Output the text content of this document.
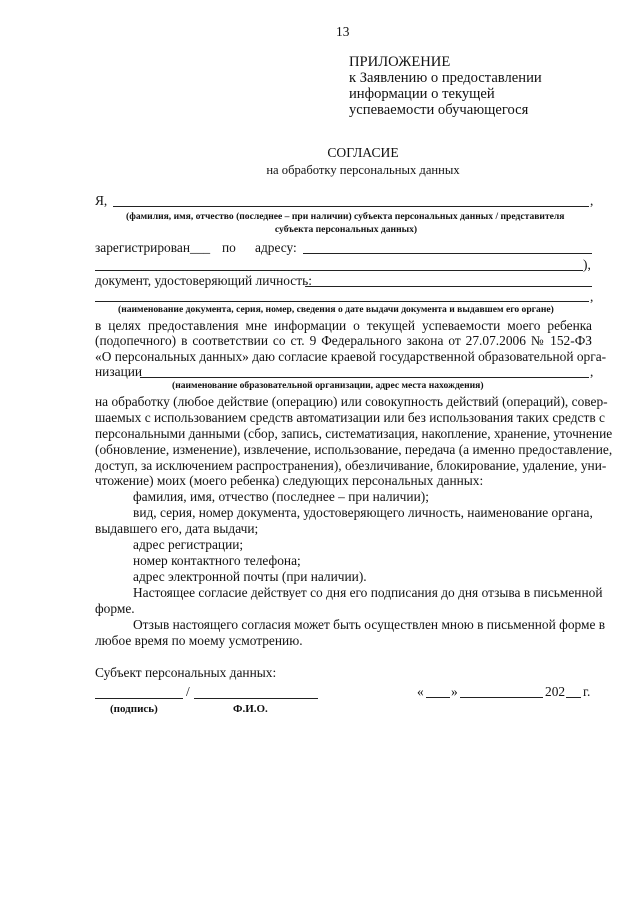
13
ПРИЛОЖЕНИЕ
к Заявлению о предоставлении
информации о текущей
успеваемости обучающегося
СОГЛАСИЕ
на обработку персональных данных
Я,	,
(фамилия, имя, отчество (последнее – при наличии) субъекта персональных данных / представителя
субъекта персональных данных)
зарегистрирован___ по адресу:
),
документ, удостоверяющий личность:
,
(наименование документа, серия, номер, сведения о дате выдачи документа и выдавшем его органе)
в целях предоставления мне информации о текущей успеваемости моего ребенка
(подопечного) в соответствии со ст. 9 Федерального закона от 27.07.2006 № 152-ФЗ
«О персональных данных» даю согласие краевой государственной образовательной орга-
низации	,
(наименование образовательной организации, адрес места нахождения)
на обработку (любое действие (операцию) или совокупность действий (операций), совер-
шаемых с использованием средств автоматизации или без использования таких средств с
персональными данными (сбор, запись, систематизация, накопление, хранение, уточнение
(обновление, изменение), извлечение, использование, передача (а именно предоставление,
доступ, за исключением распространения), обезличивание, блокирование, удаление, уни-
чтожение) моих (моего ребенка) следующих персональных данных:
фамилия, имя, отчество (последнее – при наличии);
вид, серия, номер документа, удостоверяющего личность, наименование органа,
выдавшего его, дата выдачи;
адрес регистрации;
номер контактного телефона;
адрес электронной почты (при наличии).
Настоящее согласие действует со дня его подписания до дня отзыва в письменной
форме.
Отзыв настоящего согласия может быть осуществлен мною в письменной форме в
любое время по моему усмотрению.
Субъект персональных данных:
/
(подпись)	Ф.И.О.
« »	202 г.
